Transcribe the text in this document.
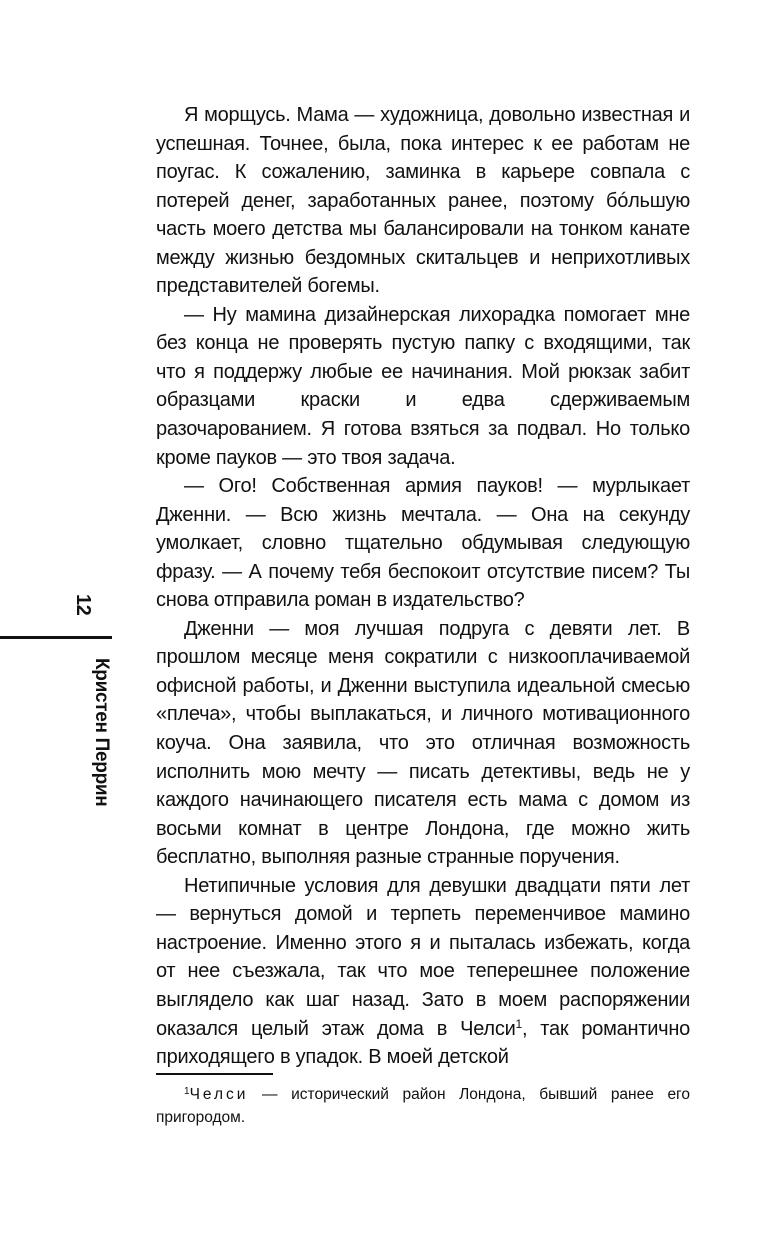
12
Кристен Перрин

Я морщусь. Мама — художница, довольно известная и успешная. Точнее, была, пока интерес к ее работам не поугас. К сожалению, заминка в карьере совпала с потерей денег, заработанных ранее, поэтому бóльшую часть моего детства мы балансировали на тонком канате между жизнью бездомных скитальцев и неприхотливых представителей богемы.

— Ну мамина дизайнерская лихорадка помогает мне без конца не проверять пустую папку с входящими, так что я поддержу любые ее начинания. Мой рюкзак забит образцами краски и едва сдерживаемым разочарованием. Я готова взяться за подвал. Но только кроме пауков — это твоя задача.

— Ого! Собственная армия пауков! — мурлыкает Дженни. — Всю жизнь мечтала. — Она на секунду умолкает, словно тщательно обдумывая следующую фразу. — А почему тебя беспокоит отсутствие писем? Ты снова отправила роман в издательство?

Дженни — моя лучшая подруга с девяти лет. В прошлом месяце меня сократили с низкооплачиваемой офисной работы, и Дженни выступила идеальной смесью «плеча», чтобы выплакаться, и личного мотивационного коуча. Она заявила, что это отличная возможность исполнить мою мечту — писать детективы, ведь не у каждого начинающего писателя есть мама с домом из восьми комнат в центре Лондона, где можно жить бесплатно, выполняя разные странные поручения.

Нетипичные условия для девушки двадцати пяти лет — вернуться домой и терпеть переменчивое мамино настроение. Именно этого я и пыталась избежать, когда от нее съезжала, так что мое теперешнее положение выглядело как шаг назад. Зато в моем распоряжении оказался целый этаж дома в Челси$^1$, так романтично приходящего в упадок. В моей детской

$^1$Челси — исторический район Лондона, бывший ранее его пригородом.
